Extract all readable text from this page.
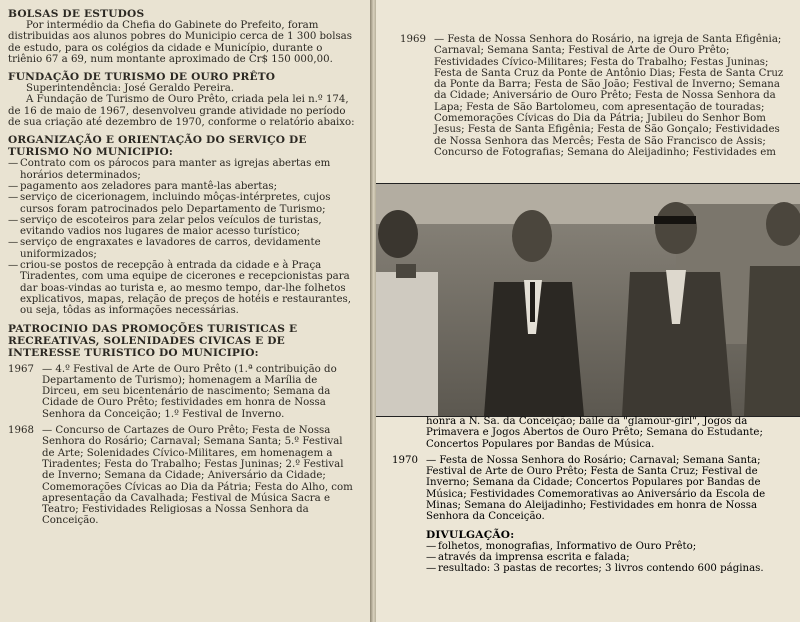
BOLSAS DE ESTUDOS

Por intermédio da Chefia do Gabinete do Prefeito, foram distribuidas aos alunos pobres do Municipio cerca de 1 300 bolsas de estudo, para os colégios da cidade e Município, durante o triênio 67 a 69, num montante aproximado de Cr$ 150 000,00.

FUNDAÇÃO DE TURISMO DE OURO PRÊTO

Superintendência: José Geraldo Pereira.

A Fundação de Turismo de Ouro Prêto, criada pela lei n.º 174, de 16 de maio de 1967, desenvolveu grande atividade no período de sua criação até dezembro de 1970, conforme o relatório abaixo:

ORGANIZAÇÃO E ORIENTAÇÃO DO SERVIÇO DE TURISMO NO MUNICIPIO:

— Contrato com os párocos para manter as igrejas abertas em horários determinados;
— pagamento aos zeladores para mantê-las abertas;
— serviço de cicerionagem, incluindo môças-intérpretes, cujos cursos foram patrocinados pelo Departamento de Turismo;
— serviço de escoteiros para zelar pelos veículos de turistas, evitando vadios nos lugares de maior acesso turístico;
— serviço de engraxates e lavadores de carros, devidamente uniformizados;
— criou-se postos de recepção à entrada da cidade e à Praça Tiradentes, com uma equipe de cicerones e recepcionistas para dar boas-vindas ao turista e, ao mesmo tempo, dar-lhe folhetos explicativos, mapas, relação de preços de hotéis e restaurantes, ou seja, tôdas as informações necessárias.

PATROCINIO DAS PROMOÇÕES TURISTICAS E RECREATIVAS, SOLENIDADES CIVICAS E DE INTERESSE TURISTICO DO MUNICIPIO:

1967 — 4.º Festival de Arte de Ouro Prêto (1.ª contribuição do Departamento de Turismo); homenagem a Marília de Dirceu, em seu bicentenário de nascimento; Semana da Cidade de Ouro Prêto; festividades em honra de Nossa Senhora da Conceição; 1.º Festival de Inverno.
1968 — Concurso de Cartazes de Ouro Prêto; Festa de Nossa Senhora do Rosário; Carnaval; Semana Santa; 5.º Festival de Arte; Solenidades Cívico-Militares, em homenagem a Tiradentes; Festa do Trabalho; Festas Juninas; 2.º Festival de Inverno; Semana da Cidade; Aniversário da Cidade; Comemorações Cívicas ao Dia da Pátria; Festa do Alho, com apresentação da Cavalhada; Festival de Música Sacra e Teatro; Festividades Religiosas a Nossa Senhora da Conceição.
1969 — Festa de Nossa Senhora do Rosário, na igreja de Santa Efigênia; Carnaval; Semana Santa; Festival de Arte de Ouro Prêto; Festividades Cívico-Militares; Festa do Trabalho; Festas Juninas; Festa de Santa Cruz da Ponte de Antônio Dias; Festa de Santa Cruz da Ponte da Barra; Festa de São João; Festival de Inverno; Semana da Cidade; Aniversário de Ouro Prêto; Festa de Nossa Senhora da Lapa; Festa de São Bartolomeu, com apresentação de touradas; Comemorações Cívicas do Dia da Pátria; Jubileu do Senhor Bom Jesus; Festa de Santa Efigênia; Festa de São Gonçalo; Festividades de Nossa Senhora das Mercês; Festa de São Francisco de Assis; Concurso de Fotografias; Semana do Aleijadinho; Festividades em

honra a N. Sa. da Conceição; baile da "glamour-girl", Jogos da Primavera e Jogos Abertos de Ouro Prêto; Semana do Estudante; Concertos Populares por Bandas de Música.

1970 — Festa de Nossa Senhora do Rosário; Carnaval; Semana Santa; Festival de Arte de Ouro Prêto; Festa de Santa Cruz; Festival de Inverno; Semana da Cidade; Concertos Populares por Bandas de Música; Festividades Comemorativas ao Aniversário da Escola de Minas; Semana do Aleijadinho; Festividades em honra de Nossa Senhora da Conceição.

DIVULGAÇÃO:

— folhetos, monografias, Informativo de Ouro Prêto;
— através da imprensa escrita e falada;
— resultado: 3 pastas de recortes; 3 livros contendo 600 páginas.
